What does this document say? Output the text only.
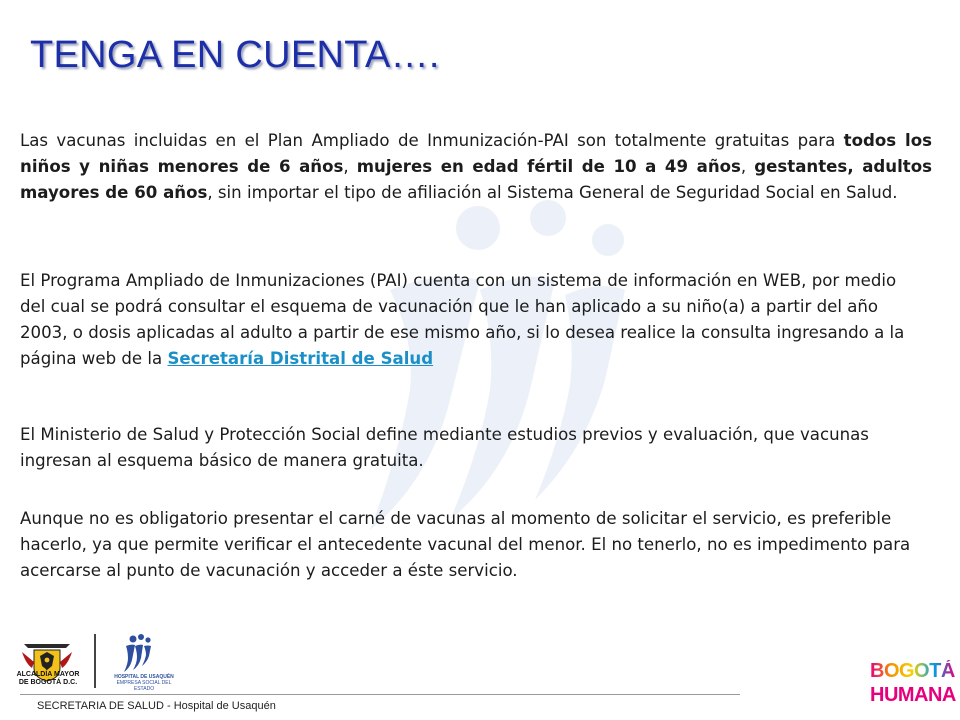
TENGA EN CUENTA….

Las vacunas incluidas en el Plan Ampliado de Inmunización-PAI son totalmente gratuitas para todos los niños y niñas menores de 6 años, mujeres en edad fértil de 10 a 49 años, gestantes, adultos mayores de 60 años, sin importar el tipo de afiliación al Sistema General de Seguridad Social en Salud.

El Programa Ampliado de Inmunizaciones (PAI) cuenta con un sistema de información en WEB, por medio del cual se podrá consultar el esquema de vacunación que le han aplicado a su niño(a) a partir del año 2003, o dosis aplicadas al adulto a partir de ese mismo año, si lo desea realice la consulta ingresando a la página web de la Secretaría Distrital de Salud

El Ministerio de Salud y Protección Social define mediante estudios previos y evaluación, que vacunas ingresan al esquema básico de manera gratuita.

Aunque no es obligatorio presentar el carné de vacunas al momento de solicitar el servicio, es preferible hacerlo, ya que permite verificar el antecedente vacunal del menor. El no tenerlo, no es impedimento para acercarse al punto de vacunación y acceder a éste servicio.

ALCALDÍA MAYOR
DE BOGOTÁ D.C.
HOSPITAL DE USAQUÉN
EMPRESA SOCIAL DEL ESTADO
SECRETARIA DE SALUD - Hospital de Usaquén
BOGOTÁ
HUMANA
